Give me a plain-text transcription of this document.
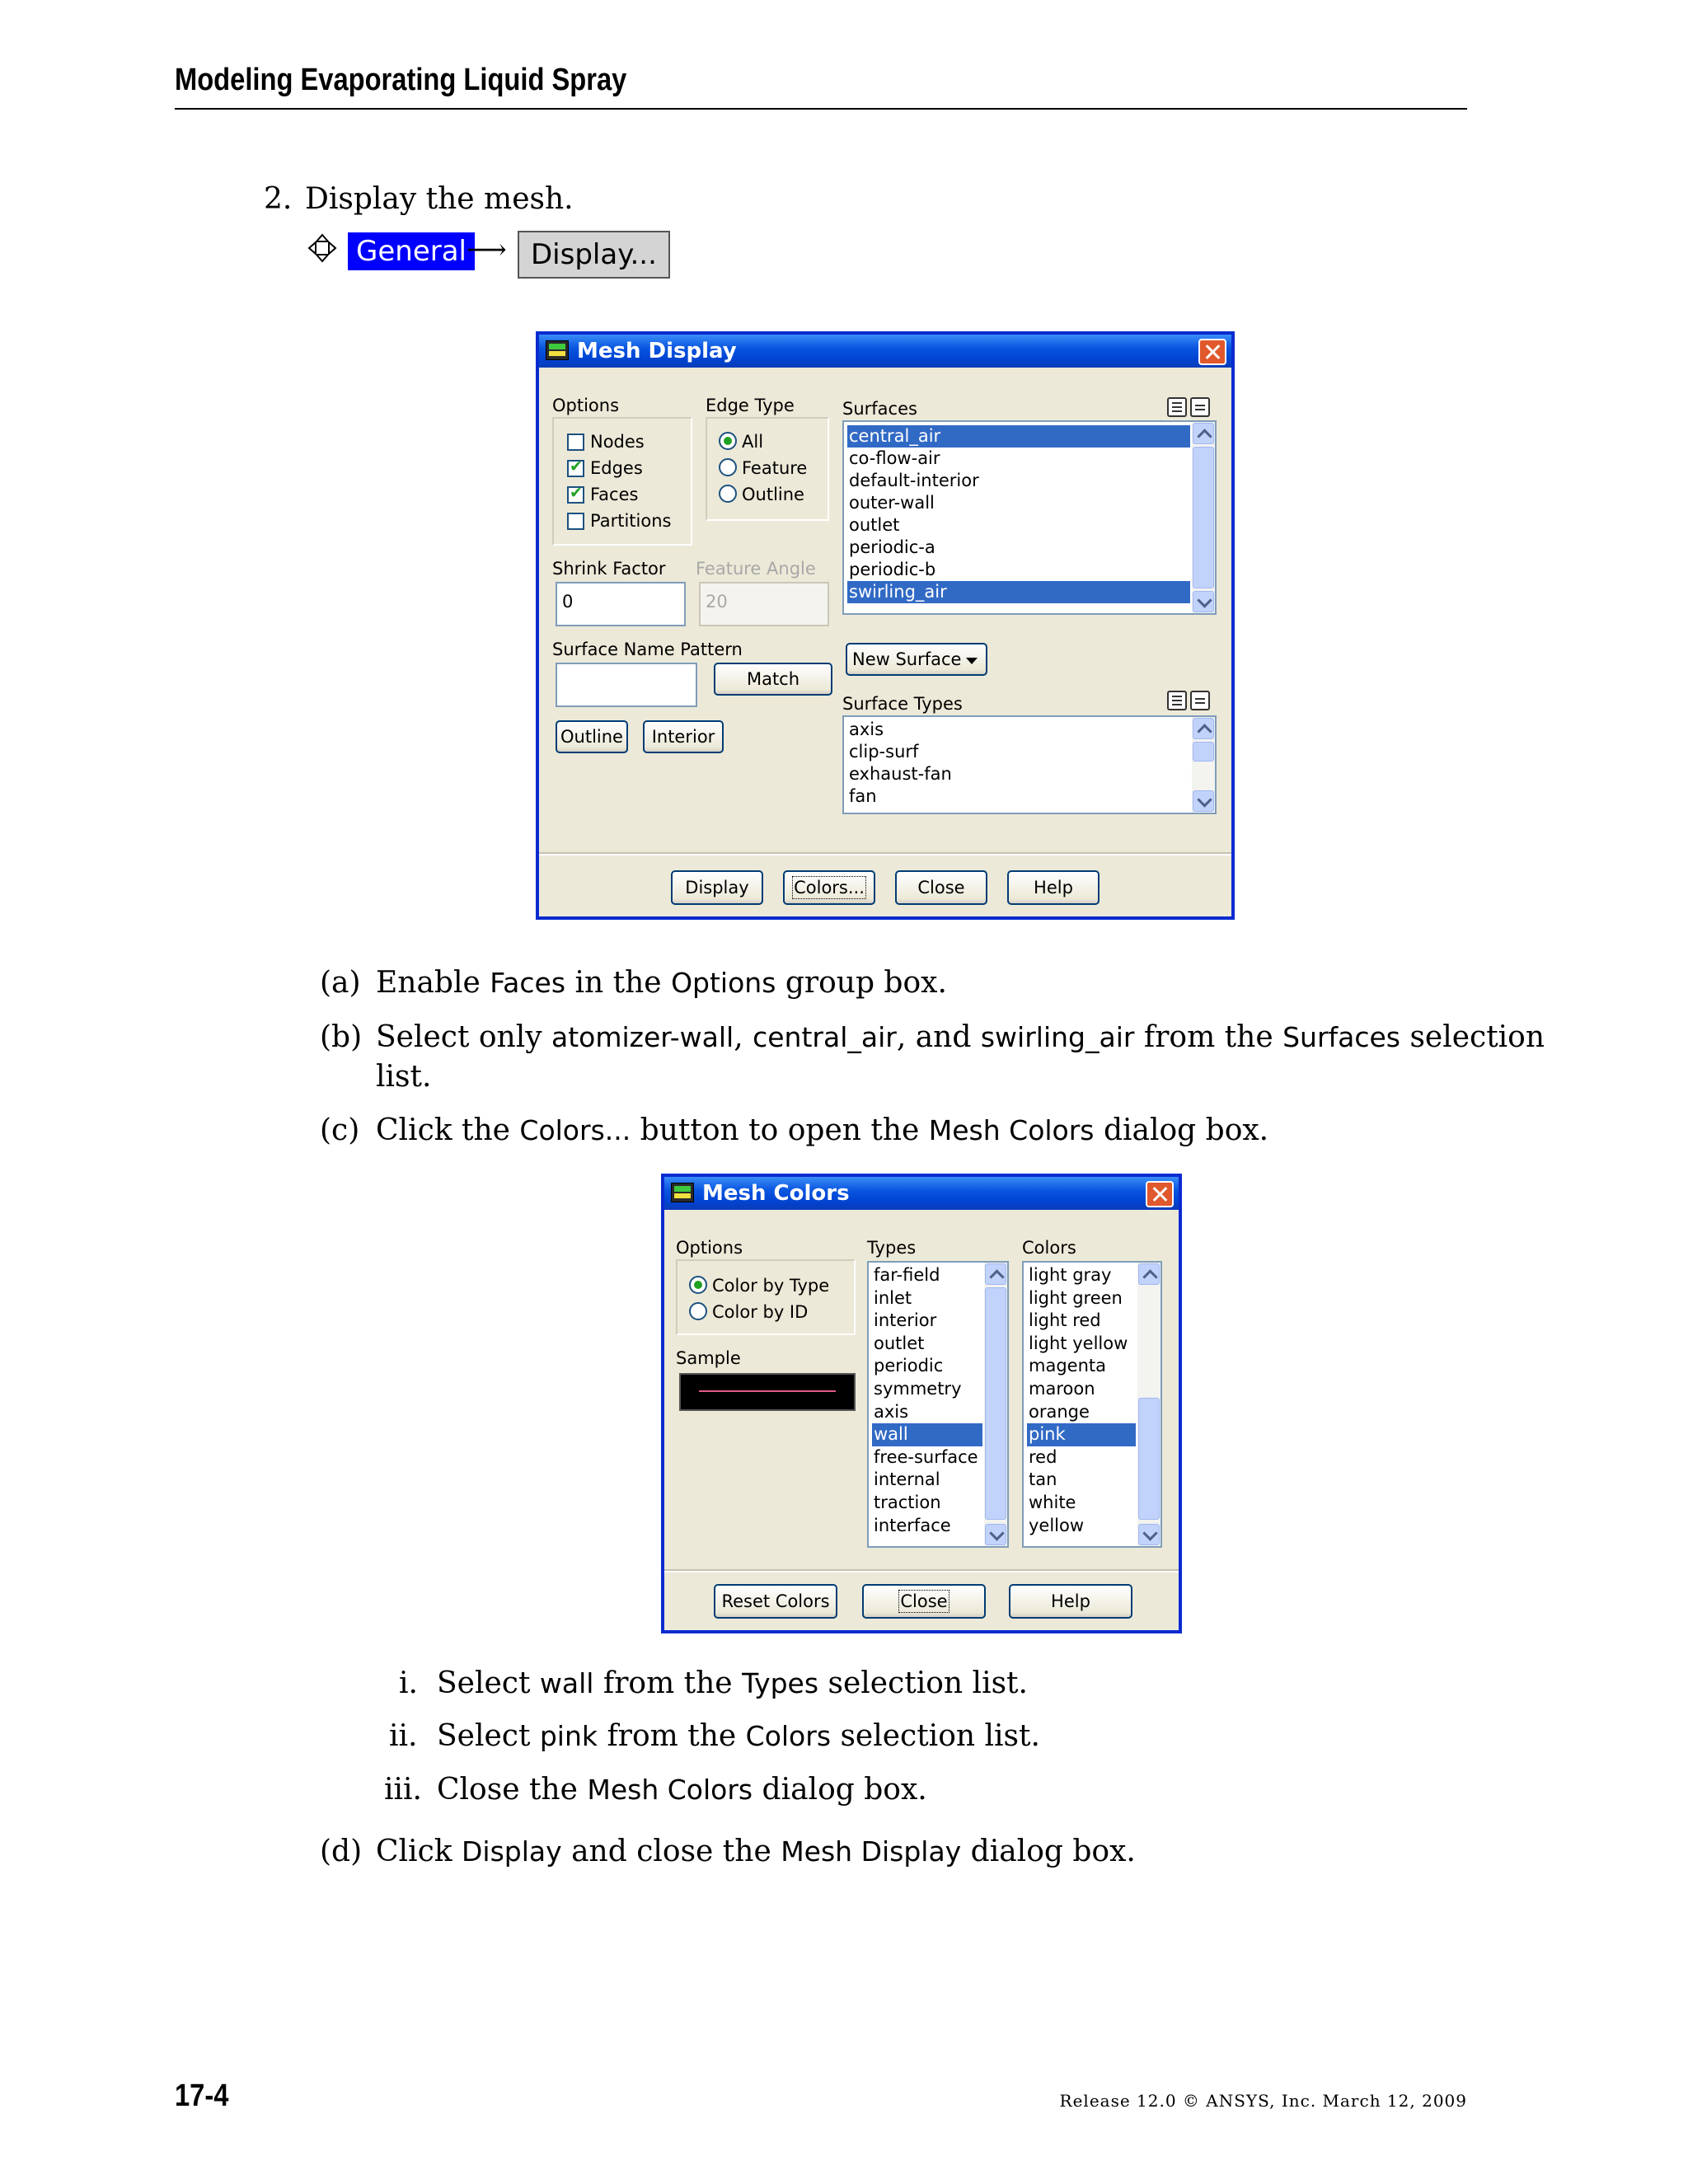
Modeling Evaporating Liquid Spray
2. Display the mesh.
General ⟶ Display...
Mesh Display
Options
Nodes
✔
Edges
✔
Faces
Partitions
Edge Type
All
Feature
Outline
Shrink Factor
0
Feature Angle
20
Surface Name Pattern
Match
Outline	Interior
Surfaces
central_air
co-flow-air
default-interior
outer-wall
outlet
periodic-a
periodic-b
swirling_air
New Surface
Surface Types
axis
clip-surf
exhaust-fan
fan
Display	Colors...	Close	Help
(a) Enable Faces in the Options group box.
(b) Select only atomizer-wall, central_air, and swirling_air from the Surfaces selection
list.
(c) Click the Colors... button to open the Mesh Colors dialog box.
Mesh Colors
Options
Color by Type
Color by ID
Sample
Types
far-field
inlet
interior
outlet
periodic
symmetry
axis
wall
free-surface
internal
traction
interface
Colors
light gray
light green
light red
light yellow
magenta
maroon
orange
pink
red
tan
white
yellow
Reset Colors	Close	Help
i. Select wall from the Types selection list.
ii. Select pink from the Colors selection list.
iii. Close the Mesh Colors dialog box.
(d) Click Display and close the Mesh Display dialog box.
17-4	Release 12.0 © ANSYS, Inc. March 12, 2009
